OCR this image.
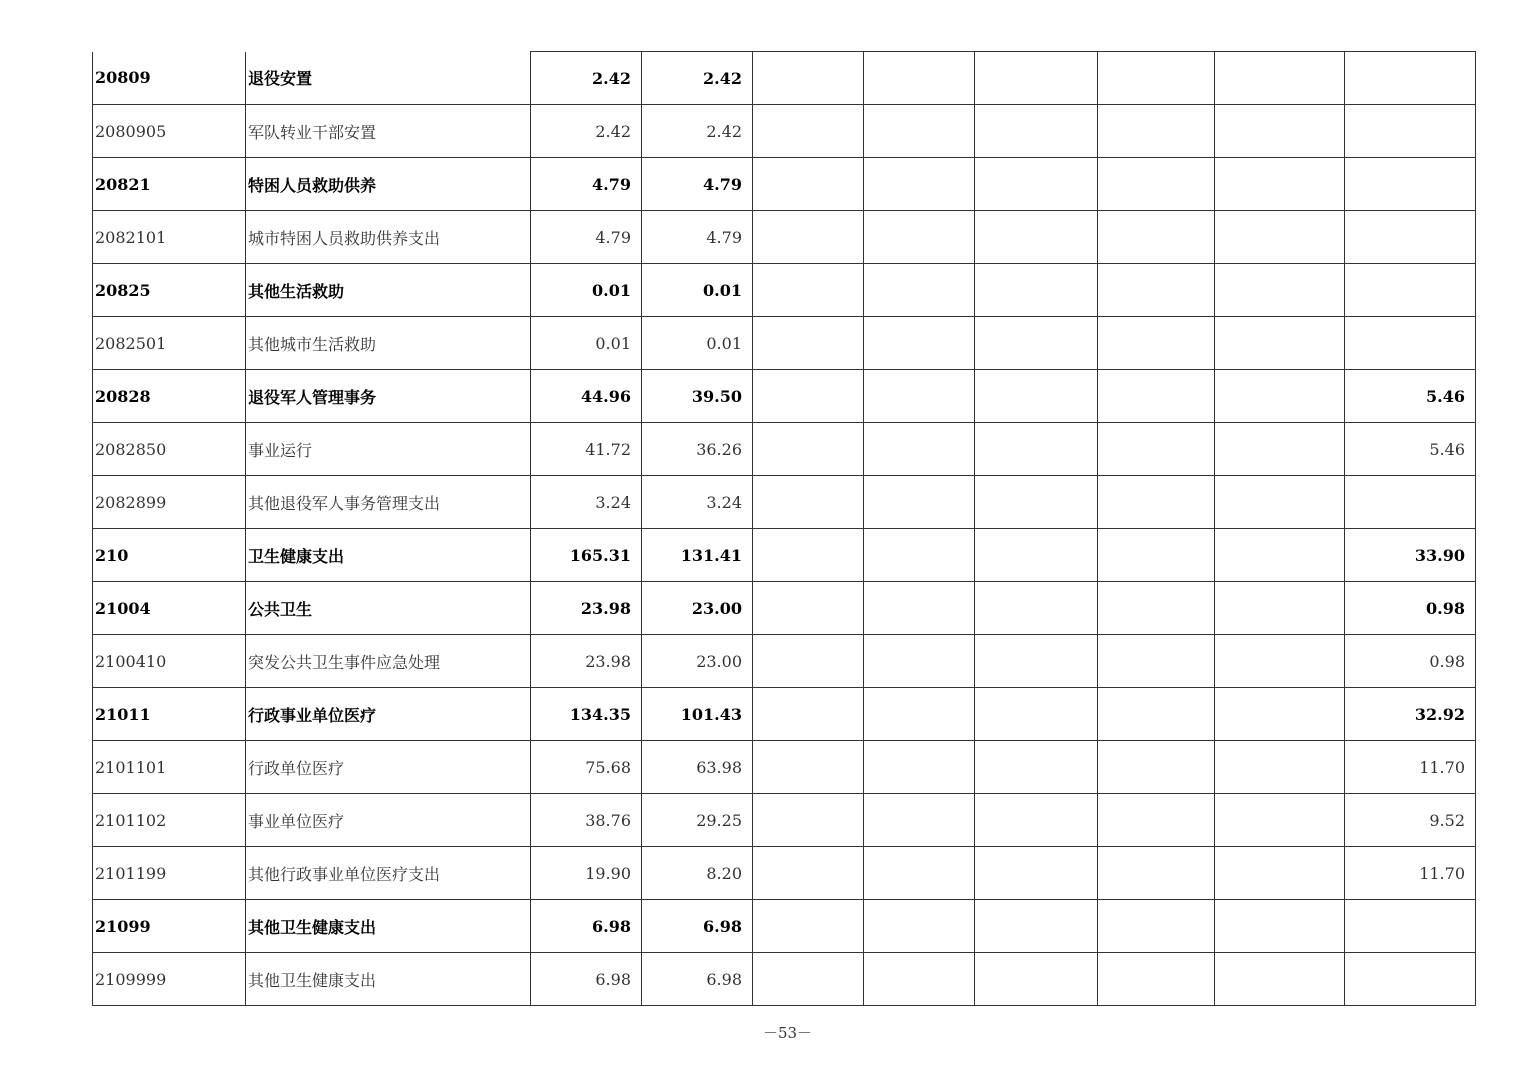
20809	退役安置	2.42	2.42						
2080905	军队转业干部安置	2.42	2.42						
20821	特困人员救助供养	4.79	4.79						
2082101	城市特困人员救助供养支出	4.79	4.79						
20825	其他生活救助	0.01	0.01						
2082501	其他城市生活救助	0.01	0.01						
20828	退役军人管理事务	44.96	39.50						5.46
2082850	事业运行	41.72	36.26						5.46
2082899	其他退役军人事务管理支出	3.24	3.24						
210	卫生健康支出	165.31	131.41						33.90
21004	公共卫生	23.98	23.00						0.98
2100410	突发公共卫生事件应急处理	23.98	23.00						0.98
21011	行政事业单位医疗	134.35	101.43						32.92
2101101	行政单位医疗	75.68	63.98						11.70
2101102	事业单位医疗	38.76	29.25						9.52
2101199	其他行政事业单位医疗支出	19.90	8.20						11.70
21099	其他卫生健康支出	6.98	6.98						
2109999	其他卫生健康支出	6.98	6.98						
－53－
